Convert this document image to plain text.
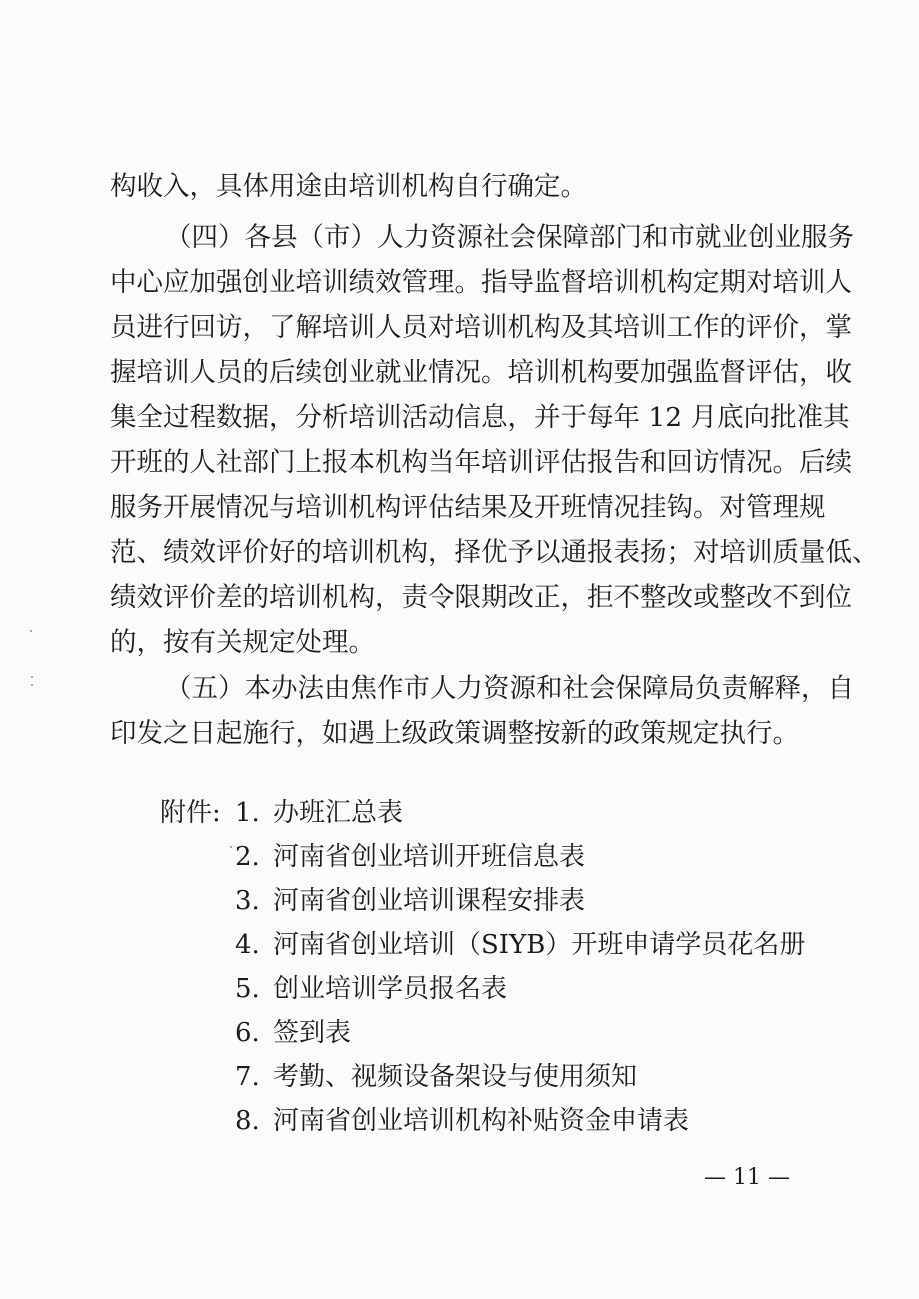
构收入，具体用途由培训机构自行确定。
（四）各县（市）人力资源社会保障部门和市就业创业服务
中心应加强创业培训绩效管理。指导监督培训机构定期对培训人
员进行回访，了解培训人员对培训机构及其培训工作的评价，掌
握培训人员的后续创业就业情况。培训机构要加强监督评估，收
集全过程数据，分析培训活动信息，并于每年 12 月底向批准其
开班的人社部门上报本机构当年培训评估报告和回访情况。后续
服务开展情况与培训机构评估结果及开班情况挂钩。对管理规
范、绩效评价好的培训机构，择优予以通报表扬；对培训质量低、
绩效评价差的培训机构，责令限期改正，拒不整改或整改不到位
的，按有关规定处理。
（五）本办法由焦作市人力资源和社会保障局负责解释，自
印发之日起施行，如遇上级政策调整按新的政策规定执行。
附件: 1. 办班汇总表
2. 河南省创业培训开班信息表
3. 河南省创业培训课程安排表
4. 河南省创业培训（SIYB）开班申请学员花名册
5. 创业培训学员报名表
6. 签到表
7. 考勤、视频设备架设与使用须知
8. 河南省创业培训机构补贴资金申请表
— 11 —
